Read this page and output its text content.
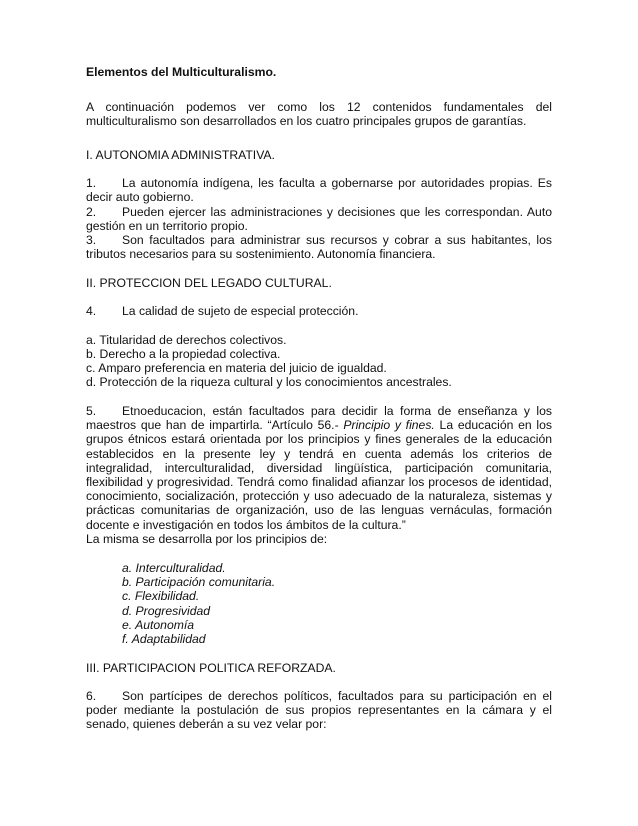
Elementos del Multiculturalismo.

A continuación podemos ver como los 12 contenidos fundamentales del multiculturalismo son desarrollados en los cuatro principales grupos de garantías.

I. AUTONOMIA ADMINISTRATIVA.

1. La autonomía indígena, les faculta a gobernarse por autoridades propias. Es decir auto gobierno.

2. Pueden ejercer las administraciones y decisiones que les correspondan. Auto gestión en un territorio propio.

3. Son facultados para administrar sus recursos y cobrar a sus habitantes, los tributos necesarios para su sostenimiento. Autonomía financiera.

II. PROTECCION DEL LEGADO CULTURAL.

4. La calidad de sujeto de especial protección.

a. Titularidad de derechos colectivos.

b. Derecho a la propiedad colectiva.

c. Amparo preferencia en materia del juicio de igualdad.

d. Protección de la riqueza cultural y los conocimientos ancestrales.

5. Etnoeducacion, están facultados para decidir la forma de enseñanza y los maestros que han de impartirla. “Artículo 56.- Principio y fines. La educación en los grupos étnicos estará orientada por los principios y fines generales de la educación establecidos en la presente ley y tendrá en cuenta además los criterios de integralidad, interculturalidad, diversidad lingüística, participación comunitaria, flexibilidad y progresividad. Tendrá como finalidad afianzar los procesos de identidad, conocimiento, socialización, protección y uso adecuado de la naturaleza, sistemas y prácticas comunitarias de organización, uso de las lenguas vernáculas, formación docente e investigación en todos los ámbitos de la cultura.”

La misma se desarrolla por los principios de:

a. Interculturalidad.

b. Participación comunitaria.

c. Flexibilidad.

d. Progresividad

e. Autonomía

f. Adaptabilidad

III. PARTICIPACION POLITICA REFORZADA.

6. Son partícipes de derechos políticos, facultados para su participación en el poder mediante la postulación de sus propios representantes en la cámara y el senado, quienes deberán a su vez velar por:
